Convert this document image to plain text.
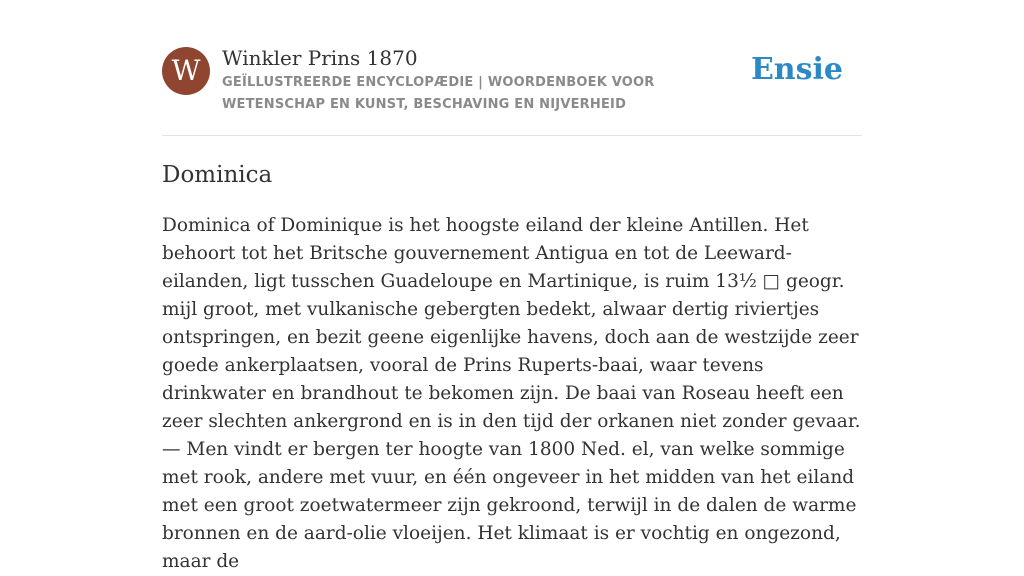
W	Winkler Prins 1870
GEÏLLUSTREERDE ENCYCLOPÆDIE | WOORDENBOEK VOOR WETENSCHAP EN KUNST, BESCHAVING EN NIJVERHEID
Ensie
Dominica

Dominica of Dominique is het hoogste eiland der kleine Antillen. Het behoort tot het Britsche gouvernement Antigua en tot de Leeward-eilanden, ligt tusschen Guadeloupe en Martinique, is ruim 13½ □ geogr. mijl groot, met vulkanische gebergten bedekt, alwaar dertig riviertjes ontspringen, en bezit geene eigenlijke havens, doch aan de westzijde zeer goede ankerplaatsen, vooral de Prins Ruperts-baai, waar tevens drinkwater en brandhout te bekomen zijn. De baai van Roseau heeft een zeer slechten ankergrond en is in den tijd der orkanen niet zonder gevaar. — Men vindt er bergen ter hoogte van 1800 Ned. el, van welke sommige met rook, andere met vuur, en één ongeveer in het midden van het eiland met een groot zoetwatermeer zijn gekroond, terwijl in de dalen de warme bronnen en de aard-olie vloeijen. Het klimaat is er vochtig en ongezond, maar de
